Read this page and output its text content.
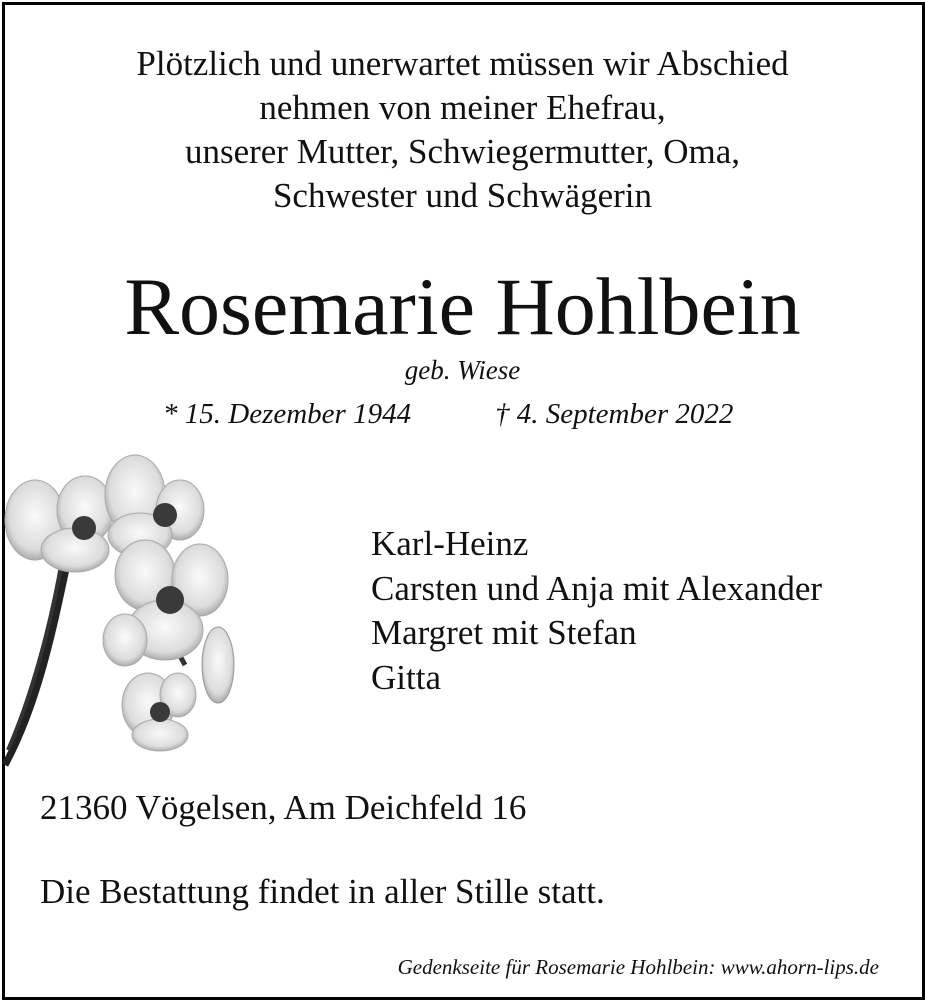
Plötzlich und unerwartet müssen wir Abschied
nehmen von meiner Ehefrau,
unserer Mutter, Schwiegermutter, Oma,
Schwester und Schwägerin
Rosemarie Hohlbein
geb. Wiese
* 15. Dezember 1944	† 4. September 2022
Karl-Heinz
Carsten und Anja mit Alexander
Margret mit Stefan
Gitta
21360 Vögelsen, Am Deichfeld 16
Die Bestattung findet in aller Stille statt.
Gedenkseite für Rosemarie Hohlbein: www.ahorn-lips.de
